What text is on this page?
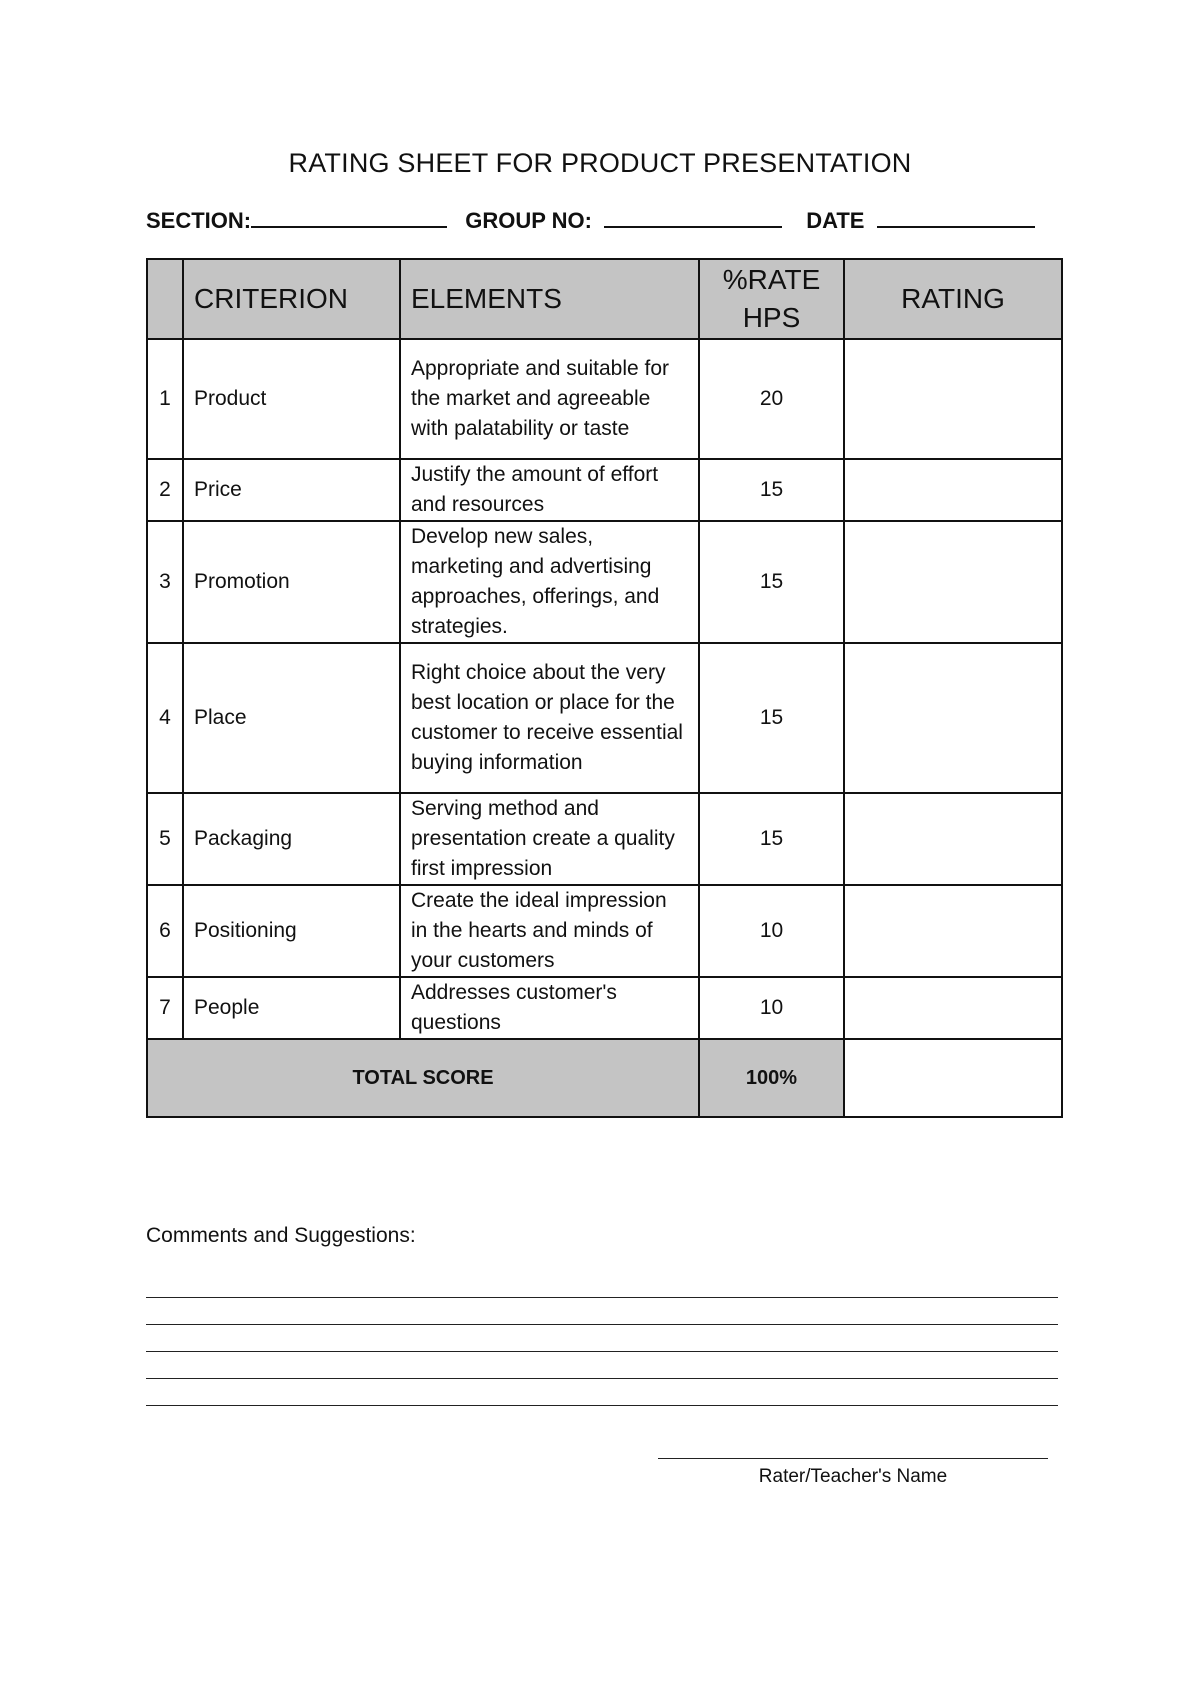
RATING SHEET FOR PRODUCT PRESENTATION
SECTION:	GROUP NO:	DATE
	CRITERION	ELEMENTS	%RATE HPS	RATING
1	Product	Appropriate and suitable for the market and agreeable with palatability or taste	20	
2	Price	Justify the amount of effort and resources	15	
3	Promotion	Develop new sales, marketing and advertising approaches, offerings, and strategies.	15	
4	Place	Right choice about the very best location or place for the customer to receive essential buying information	15	
5	Packaging	Serving method and presentation create a quality first impression	15	
6	Positioning	Create the ideal impression in the hearts and minds of your customers	10	
7	People	Addresses customer's questions	10	
TOTAL SCORE			100%	
Comments and Suggestions:
Rater/Teacher's Name
